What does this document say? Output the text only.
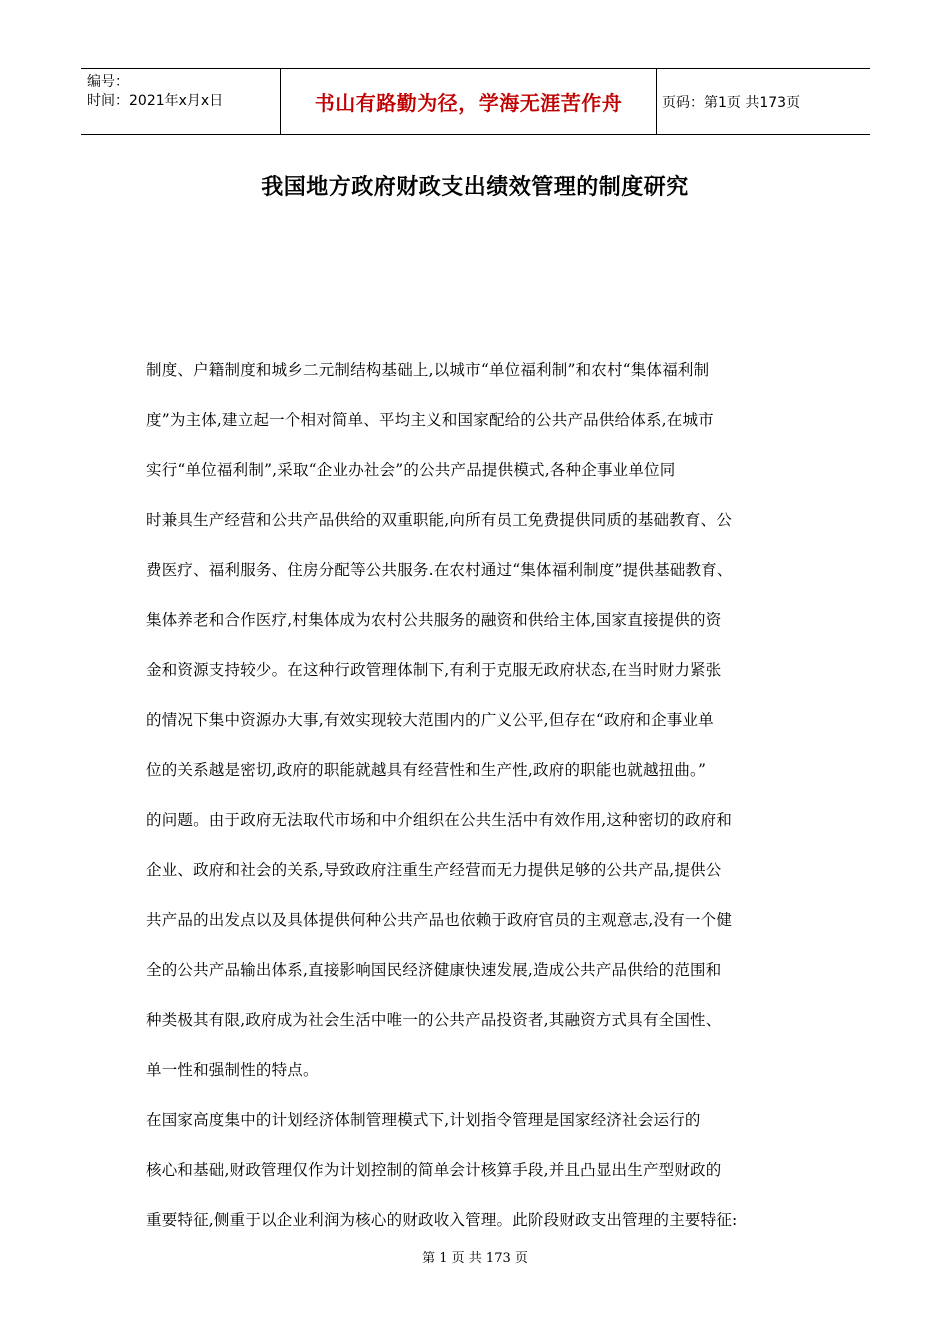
编号：
时间：2021年x月x日	书山有路勤为径，学海无涯苦作舟	页码：第1页 共173页
我国地方政府财政支出绩效管理的制度研究
制度、户籍制度和城乡二元制结构基础上,以城市“单位福利制”和农村“集体福利制
度”为主体,建立起一个相对简单、平均主义和国家配给的公共产品供给体系,在城市
实行“单位福利制”,采取“企业办社会”的公共产品提供模式,各种企事业单位同
时兼具生产经营和公共产品供给的双重职能,向所有员工免费提供同质的基础教育、公
费医疗、福利服务、住房分配等公共服务.在农村通过“集体福利制度”提供基础教育、
集体养老和合作医疗,村集体成为农村公共服务的融资和供给主体,国家直接提供的资
金和资源支持较少。在这种行政管理体制下,有利于克服无政府状态,在当时财力紧张
的情况下集中资源办大事,有效实现较大范围内的广义公平,但存在“政府和企事业单
位的关系越是密切,政府的职能就越具有经营性和生产性,政府的职能也就越扭曲。”
的问题。由于政府无法取代市场和中介组织在公共生活中有效作用,这种密切的政府和
企业、政府和社会的关系,导致政府注重生产经营而无力提供足够的公共产品,提供公
共产品的出发点以及具体提供何种公共产品也依赖于政府官员的主观意志,没有一个健
全的公共产品输出体系,直接影响国民经济健康快速发展,造成公共产品供给的范围和
种类极其有限,政府成为社会生活中唯一的公共产品投资者,其融资方式具有全国性、
单一性和强制性的特点。
在国家高度集中的计划经济体制管理模式下,计划指令管理是国家经济社会运行的
核心和基础,财政管理仅作为计划控制的简单会计核算手段,并且凸显出生产型财政的
重要特征,侧重于以企业利润为核心的财政收入管理。此阶段财政支出管理的主要特征:
第 1 页 共 173 页
